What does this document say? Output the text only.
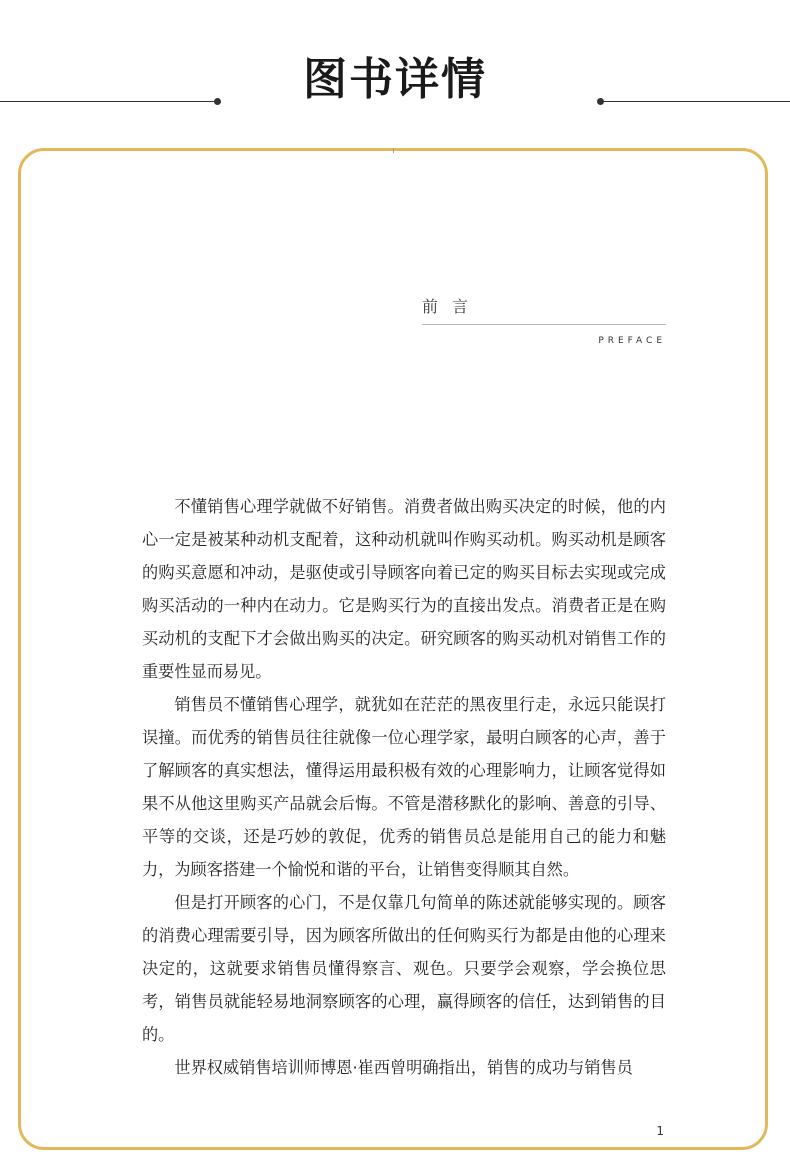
图书详情
前言
PREFACE

不懂销售心理学就做不好销售。消费者做出购买决定的时候，他的内心一定是被某种动机支配着，这种动机就叫作购买动机。购买动机是顾客的购买意愿和冲动，是驱使或引导顾客向着已定的购买目标去实现或完成购买活动的一种内在动力。它是购买行为的直接出发点。消费者正是在购买动机的支配下才会做出购买的决定。研究顾客的购买动机对销售工作的重要性显而易见。

销售员不懂销售心理学，就犹如在茫茫的黑夜里行走，永远只能误打误撞。而优秀的销售员往往就像一位心理学家，最明白顾客的心声，善于了解顾客的真实想法，懂得运用最积极有效的心理影响力，让顾客觉得如果不从他这里购买产品就会后悔。不管是潜移默化的影响、善意的引导、平等的交谈，还是巧妙的敦促，优秀的销售员总是能用自己的能力和魅力，为顾客搭建一个愉悦和谐的平台，让销售变得顺其自然。

但是打开顾客的心门，不是仅靠几句简单的陈述就能够实现的。顾客的消费心理需要引导，因为顾客所做出的任何购买行为都是由他的心理来决定的，这就要求销售员懂得察言、观色。只要学会观察，学会换位思考，销售员就能轻易地洞察顾客的心理，赢得顾客的信任，达到销售的目的。

世界权威销售培训师博恩·崔西曾明确指出，销售的成功与销售员

1
